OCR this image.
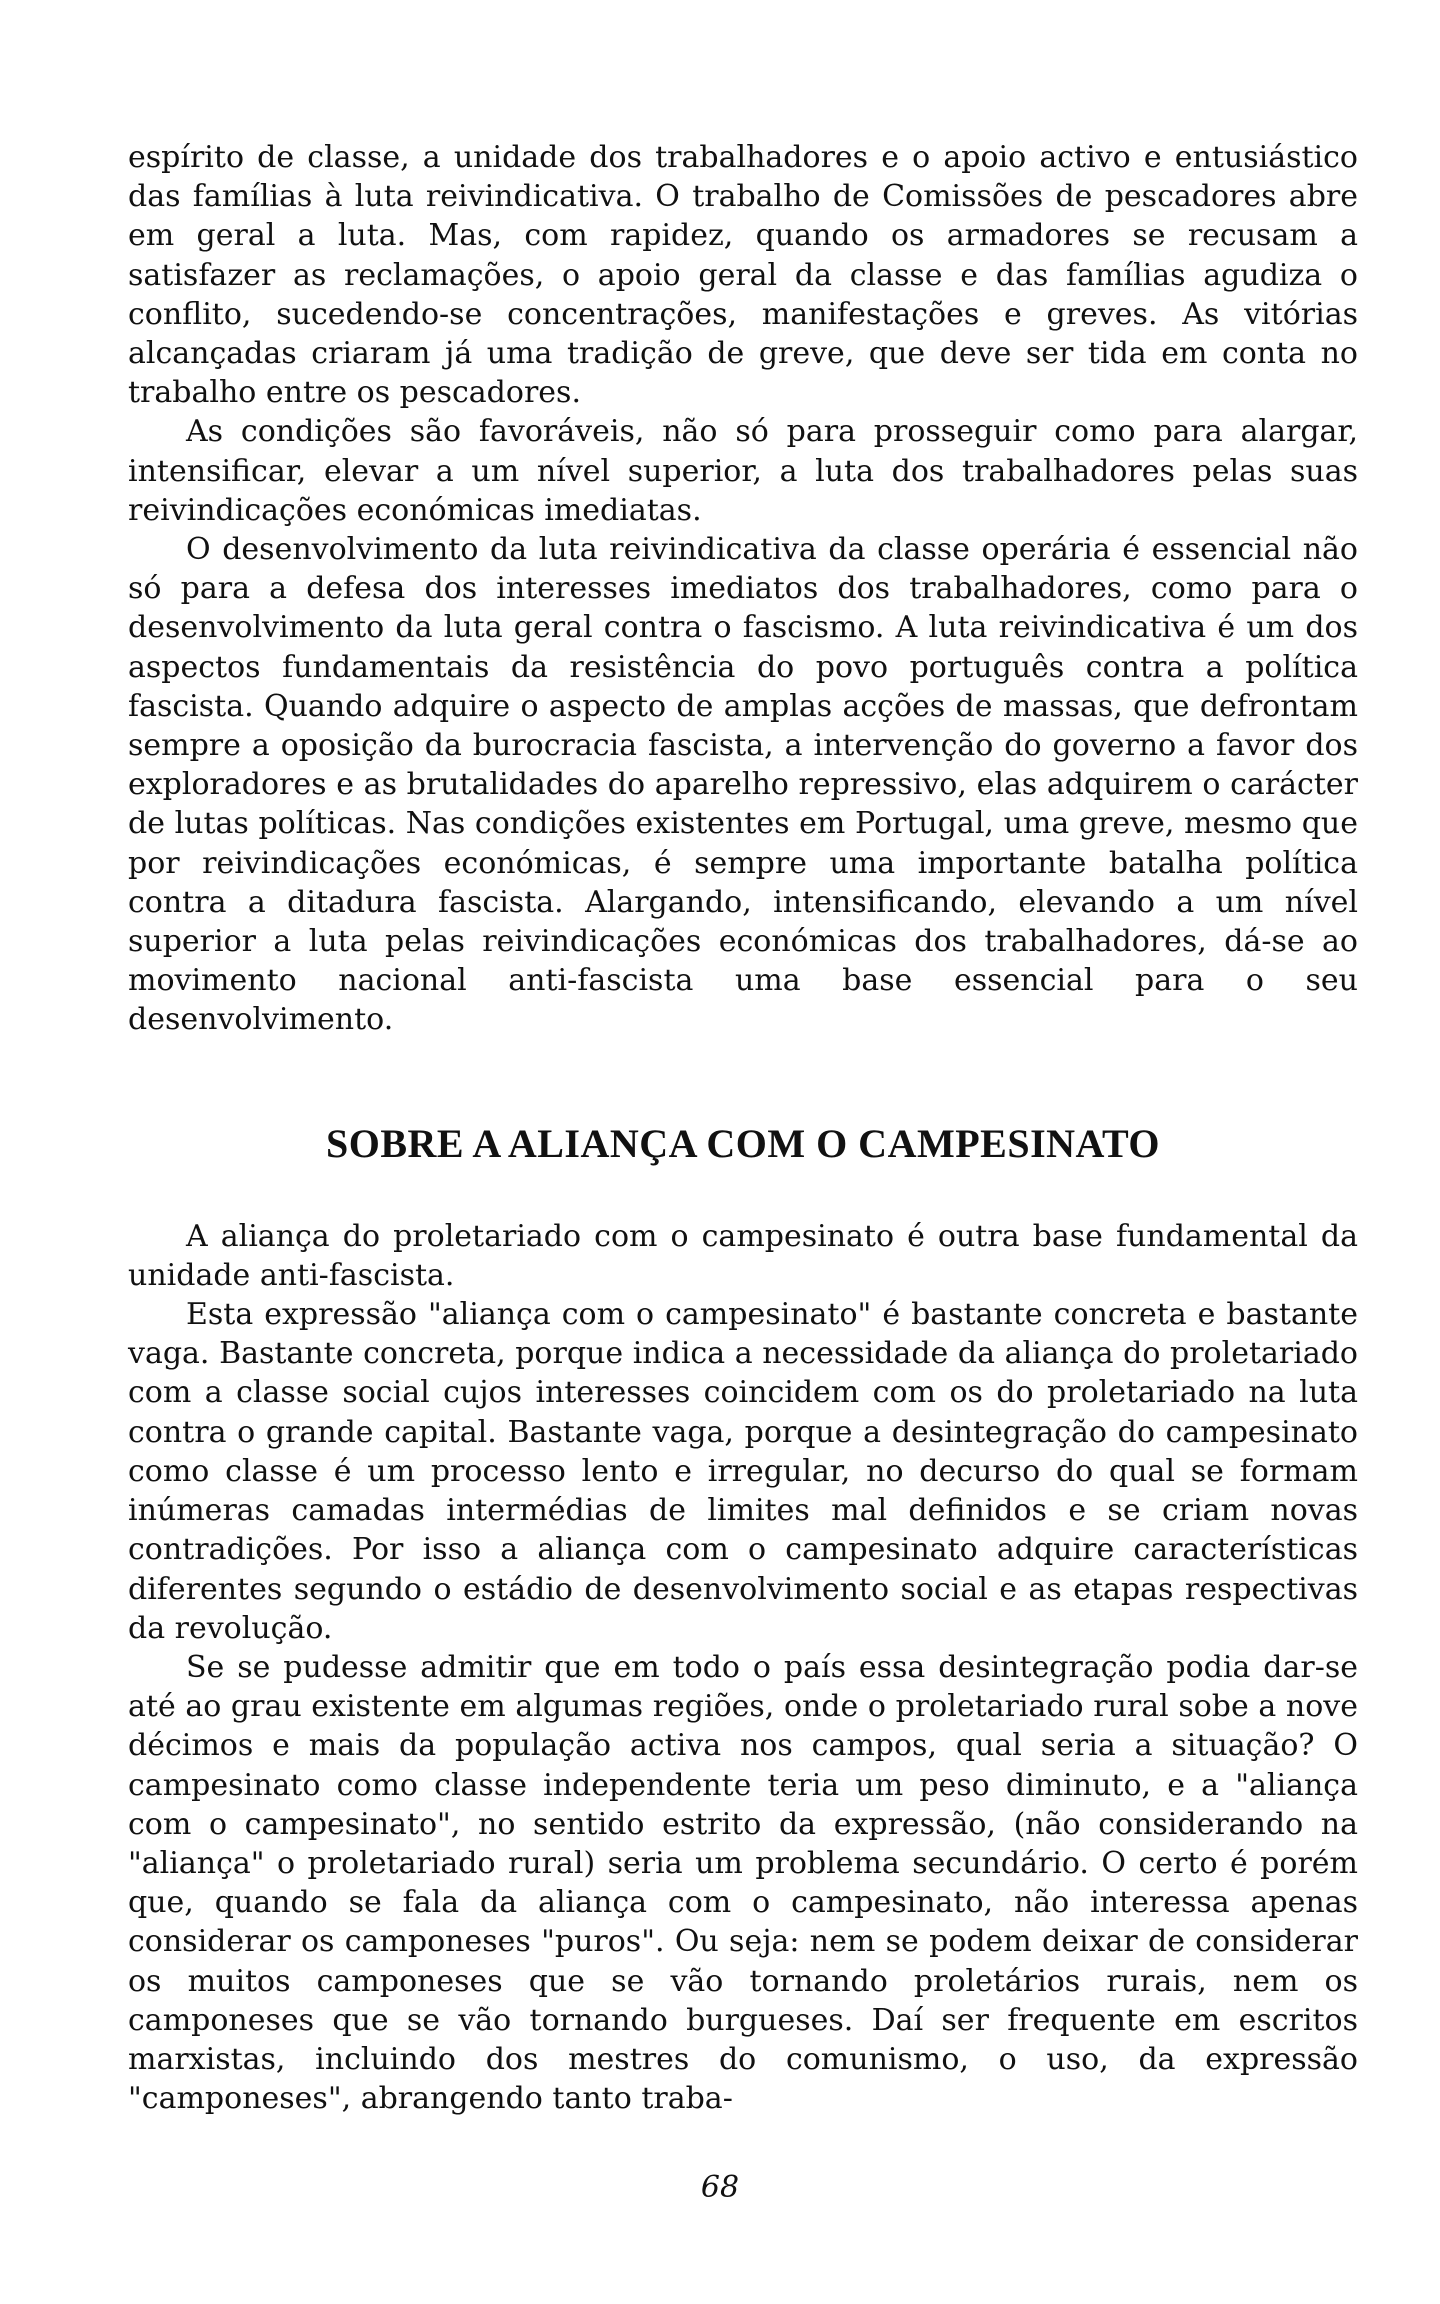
espírito de classe, a unidade dos trabalhadores e o apoio activo e entusiástico das famílias à luta reivindicativa. O trabalho de Comissões de pescadores abre em geral a luta. Mas, com rapidez, quando os armadores se recusam a satisfazer as reclamações, o apoio geral da classe e das famílias agudiza o conflito, sucedendo-se concentrações, manifestações e greves. As vitórias alcançadas criaram já uma tradição de greve, que deve ser tida em conta no trabalho entre os pescadores.

As condições são favoráveis, não só para prosseguir como para alargar, intensificar, elevar a um nível superior, a luta dos trabalhadores pelas suas reivindicações económicas imediatas.

O desenvolvimento da luta reivindicativa da classe operária é essencial não só para a defesa dos interesses imediatos dos trabalhadores, como para o desenvolvimento da luta geral contra o fascismo. A luta reivindicativa é um dos aspectos fundamentais da resistência do povo português contra a política fascista. Quando adquire o aspecto de amplas acções de massas, que defrontam sempre a oposição da burocracia fascista, a intervenção do governo a favor dos exploradores e as brutalidades do aparelho repressivo, elas adquirem o carácter de lutas políticas. Nas condições existentes em Portugal, uma greve, mesmo que por reivindicações económicas, é sempre uma importante batalha política contra a ditadura fascista. Alargando, intensificando, elevando a um nível superior a luta pelas reivindicações económicas dos trabalhadores, dá-se ao movimento nacional anti-fascista uma base essencial para o seu desenvolvimento.

SOBRE A ALIANÇA COM O CAMPESINATO

A aliança do proletariado com o campesinato é outra base fundamental da unidade anti-fascista.

Esta expressão "aliança com o campesinato" é bastante concreta e bastante vaga. Bastante concreta, porque indica a necessidade da aliança do proletariado com a classe social cujos interesses coincidem com os do proletariado na luta contra o grande capital. Bastante vaga, porque a desintegração do campesinato como classe é um processo lento e irregular, no decurso do qual se formam inúmeras camadas intermédias de limites mal definidos e se criam novas contradições. Por isso a aliança com o campesinato adquire características diferentes segundo o estádio de desenvolvimento social e as etapas respectivas da revolução.

Se se pudesse admitir que em todo o país essa desintegração podia dar-se até ao grau existente em algumas regiões, onde o proletariado rural sobe a nove décimos e mais da população activa nos campos, qual seria a situação? O campesinato como classe independente teria um peso diminuto, e a "aliança com o campesinato", no sentido estrito da expressão, (não considerando na "aliança" o proletariado rural) seria um problema secundário. O certo é porém que, quando se fala da aliança com o campesinato, não interessa apenas considerar os camponeses "puros". Ou seja: nem se podem deixar de considerar os muitos camponeses que se vão tornando proletários rurais, nem os camponeses que se vão tornando burgueses. Daí ser frequente em escritos marxistas, incluindo dos mestres do comunismo, o uso, da expressão "camponeses", abrangendo tanto traba-

68
